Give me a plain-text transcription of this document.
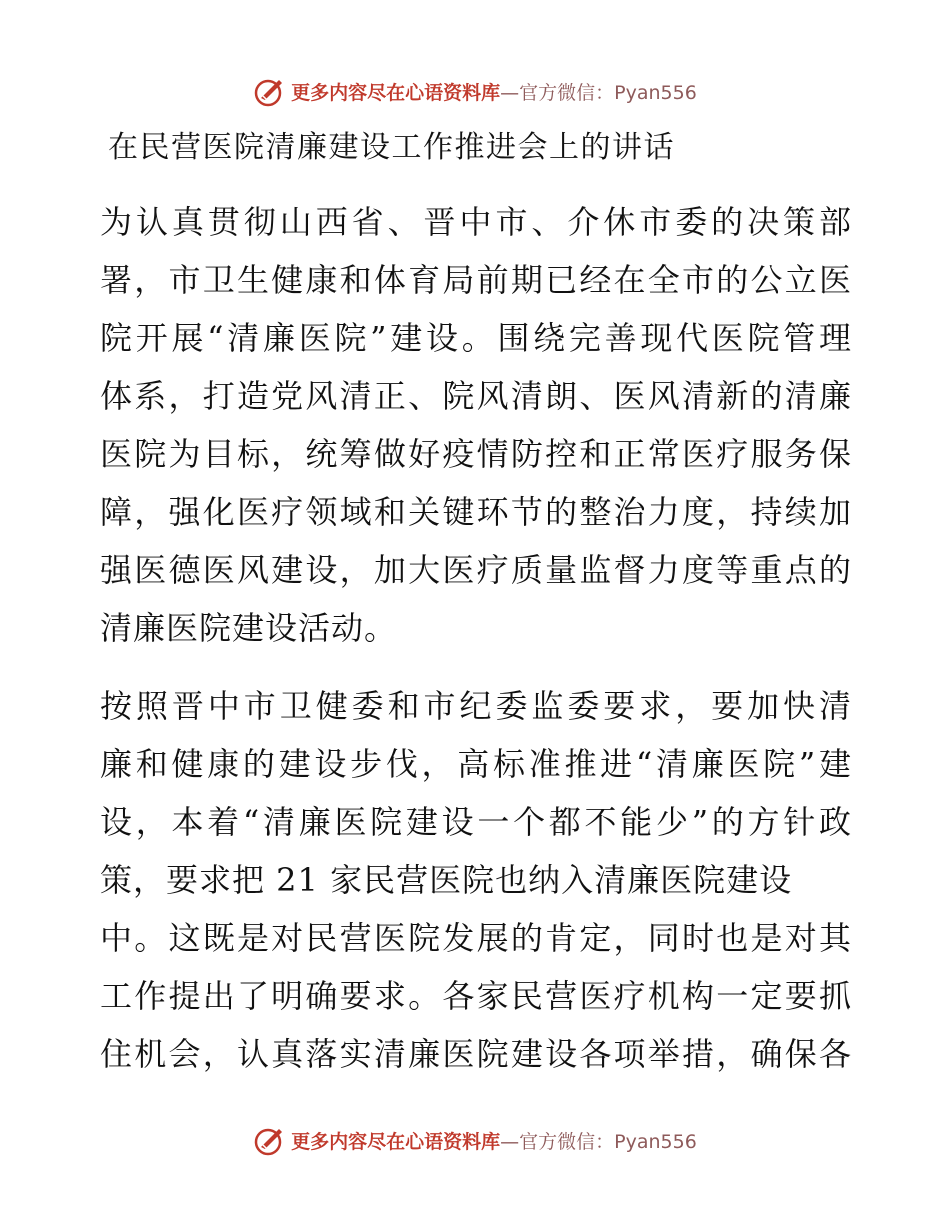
更多内容尽在心语资料库—官方微信：Pyan556
在民营医院清廉建设工作推进会上的讲话
为认真贯彻山西省、晋中市、介休市委的决策部
署，市卫生健康和体育局前期已经在全市的公立医
院开展“清廉医院”建设。围绕完善现代医院管理
体系，打造党风清正、院风清朗、医风清新的清廉
医院为目标，统筹做好疫情防控和正常医疗服务保
障，强化医疗领域和关键环节的整治力度，持续加
强医德医风建设，加大医疗质量监督力度等重点的
清廉医院建设活动。
按照晋中市卫健委和市纪委监委要求，要加快清
廉和健康的建设步伐，高标准推进“清廉医院”建
设，本着“清廉医院建设一个都不能少”的方针政
策，要求把 21 家民营医院也纳入清廉医院建设
中。这既是对民营医院发展的肯定，同时也是对其
工作提出了明确要求。各家民营医疗机构一定要抓
住机会，认真落实清廉医院建设各项举措，确保各
更多内容尽在心语资料库—官方微信：Pyan556
